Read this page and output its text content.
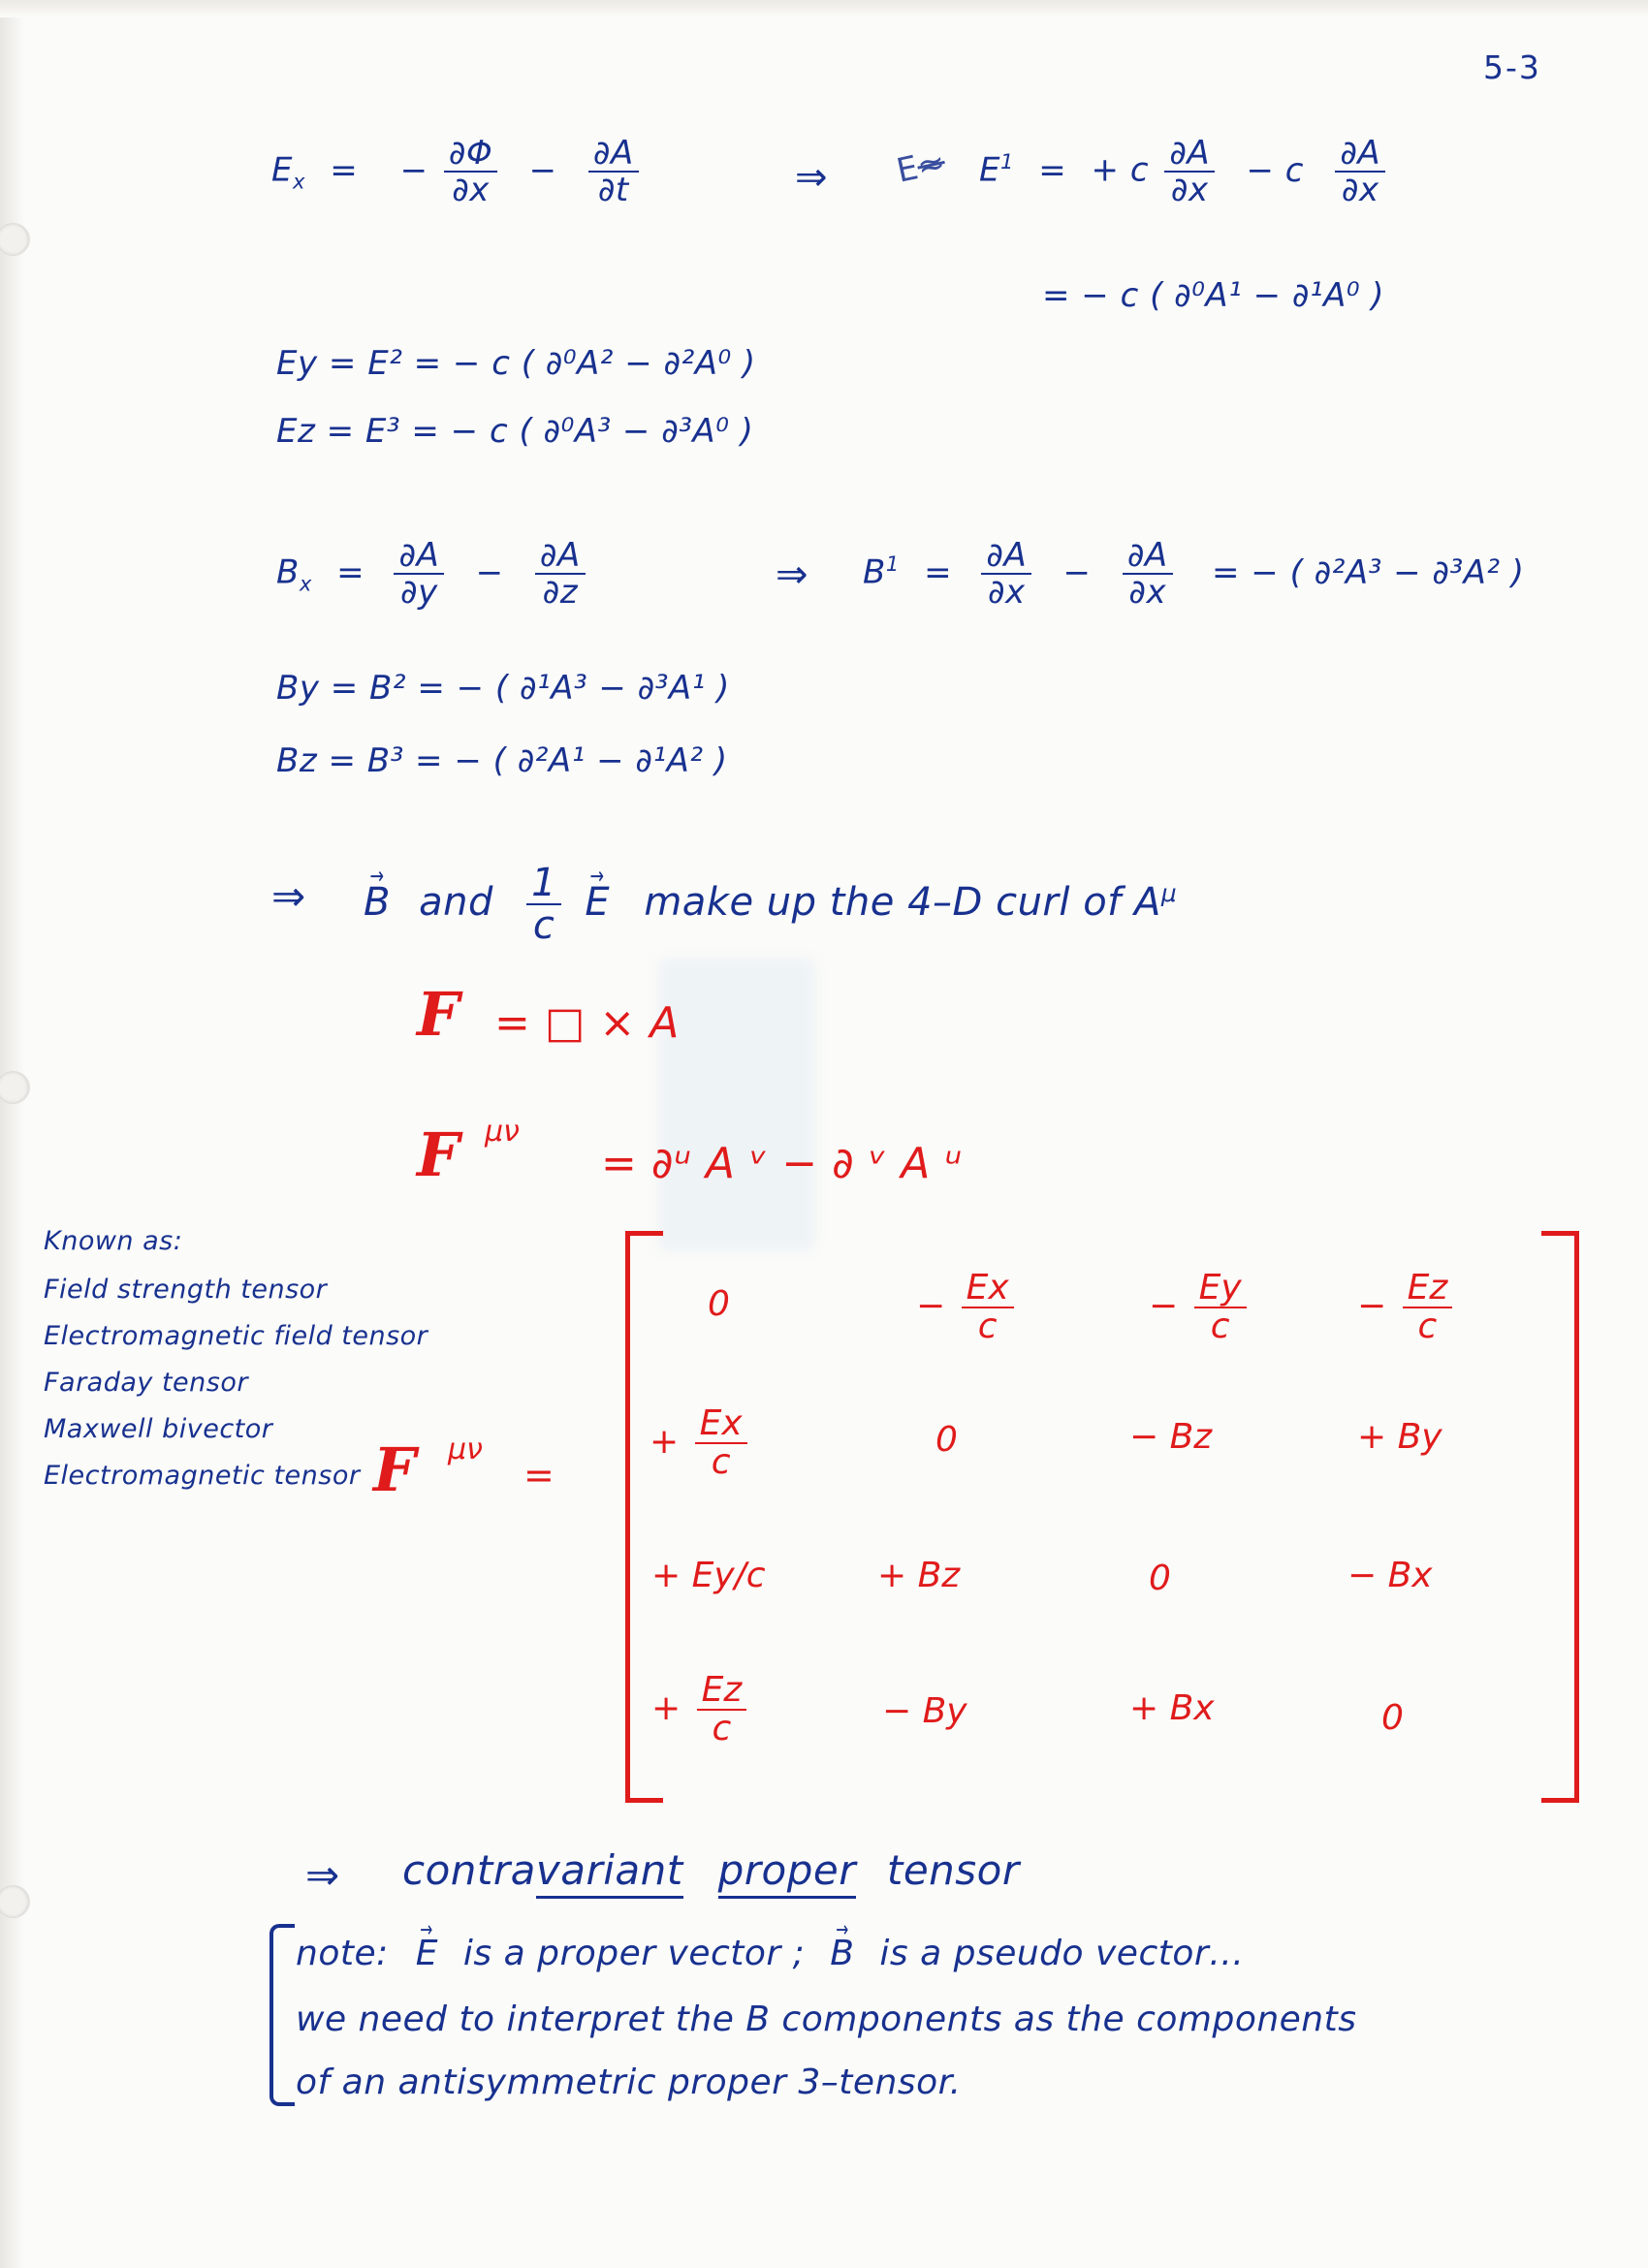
5-3
$E_x$ = − $\frac{\partial\Phi}{\partial x} - \frac{\partial A}{\partial t}$	⇒ $E\approx E^1$ = + c $\frac{\partial A}{\partial x} - c \frac{\partial A}{\partial x}$
= − c ( ∂⁰A¹ − ∂¹A⁰ )
Ey = E² = − c ( ∂⁰A² − ∂²A⁰ )
Ez = E³ = − c ( ∂⁰A³ − ∂³A⁰ )
$B_x = \frac{\partial A}{\partial y} - \frac{\partial A}{\partial z}$	⇒ $B^1 = \frac{\partial A}{\partial x} - \frac{\partial A}{\partial x}$ = − ( ∂²A³ − ∂³A² )
By = B² = − ( ∂¹A³ − ∂³A¹ )
Bz = B³ = − ( ∂²A¹ − ∂¹A² )
⇒ B → and $\frac{1}{c}$ E → make up the 4–D curl of $A^\mu$
F = □ × A
F μν
= ∂ᵘ A ᵛ − ∂ ᵛ A ᵘ
Known as:
Field strength tensor
Electromagnetic field tensor
Faraday tensor
Maxwell bivector
Electromagnetic tensor F μν
=
0	− $\frac{Ex}{c}$	− $\frac{Ey}{c}$	− $\frac{Ez}{c}$
+ $\frac{Ex}{c}$	0	− Bz	+ By
+ Ey/c	+ Bz	0	− Bx
+ $\frac{Ez}{c}$	− By	+ Bx	0
⇒ contravariant proper tensor
note: E → is a proper vector ; B → is a pseudo vector…
we need to interpret the B components as the components
of an antisymmetric proper 3–tensor.
